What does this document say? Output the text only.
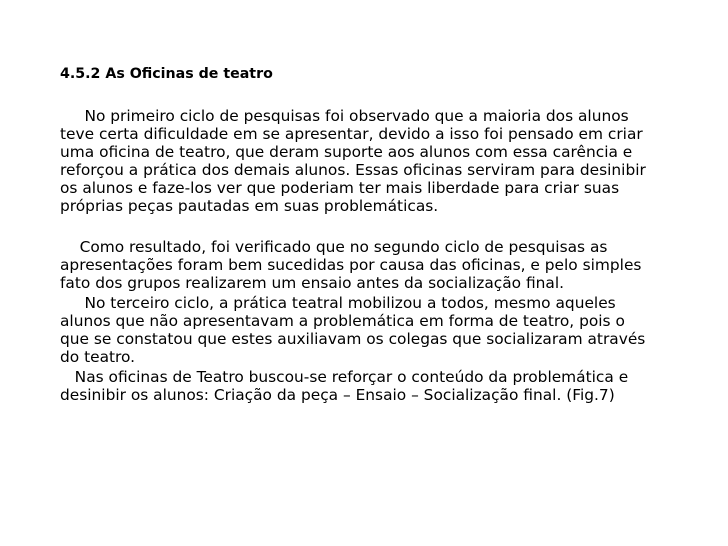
4.5.2 As Oficinas de teatro
No primeiro ciclo de pesquisas foi observado que a maioria dos alunos
teve certa dificuldade em se apresentar, devido a isso foi pensado em criar
uma oficina de teatro, que deram suporte aos alunos com essa carência e
reforçou a prática dos demais alunos. Essas oficinas serviram para desinibir
os alunos e faze-los ver que poderiam ter mais liberdade para criar suas
próprias peças pautadas em suas problemáticas.
Como resultado, foi verificado que no segundo ciclo de pesquisas as
apresentações foram bem sucedidas por causa das oficinas, e pelo simples
fato dos grupos realizarem um ensaio antes da socialização final.
No terceiro ciclo, a prática teatral mobilizou a todos, mesmo aqueles
alunos que não apresentavam a problemática em forma de teatro, pois o
que se constatou que estes auxiliavam os colegas que socializaram através
do teatro.
Nas oficinas de Teatro buscou-se reforçar o conteúdo da problemática e
desinibir os alunos: Criação da peça – Ensaio – Socialização final. (Fig.7)
